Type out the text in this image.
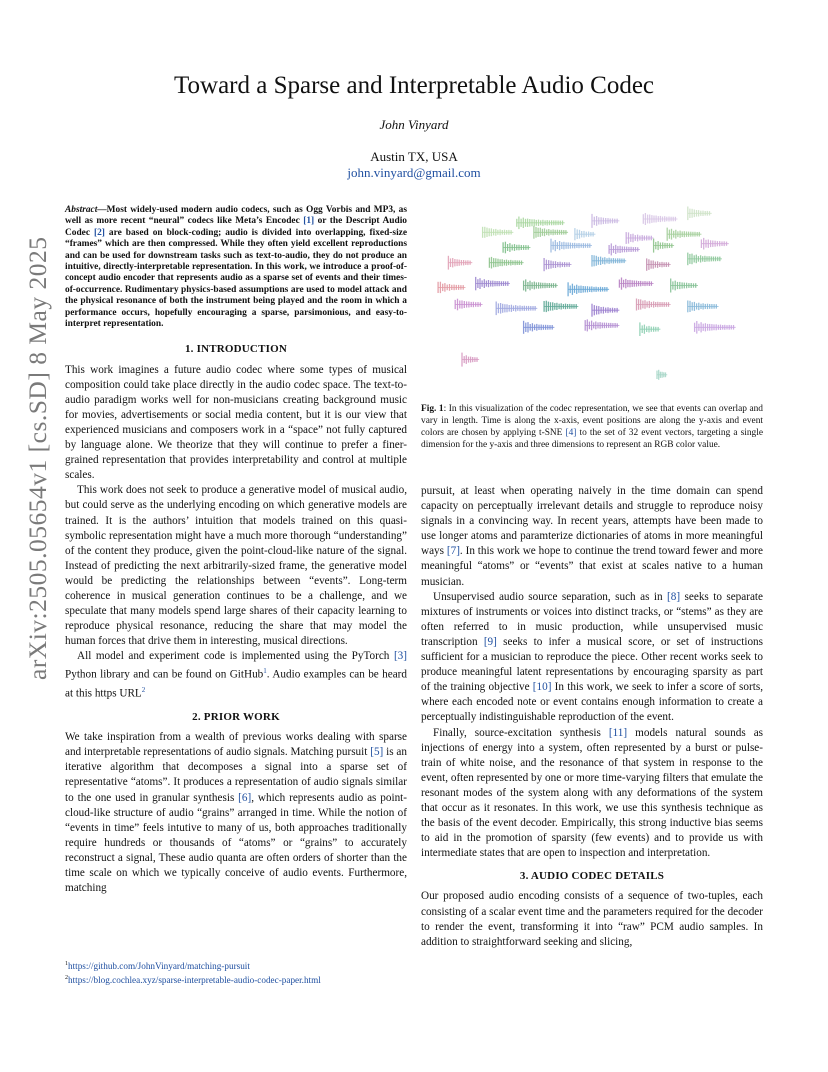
arXiv:2505.05654v1 [cs.SD] 8 May 2025
Toward a Sparse and Interpretable Audio Codec
John Vinyard
Austin TX, USA
john.vinyard@gmail.com

Abstract—Most widely-used modern audio codecs, such as Ogg Vorbis and MP3, as well as more recent “neural” codecs like Meta’s Encodec [1] or the Descript Audio Codec [2] are based on block-coding; audio is divided into overlapping, fixed-size “frames” which are then compressed. While they often yield excellent reproductions and can be used for downstream tasks such as text-to-audio, they do not produce an intuitive, directly-interpretable representation. In this work, we introduce a proof-of-concept audio encoder that represents audio as a sparse set of events and their times-of-occurrence. Rudimentary physics-based assumptions are used to model attack and the physical resonance of both the instrument being played and the room in which a performance occurs, hopefully encouraging a sparse, parsimonious, and easy-to-interpret representation.

1. INTRODUCTION

This work imagines a future audio codec where some types of musical composition could take place directly in the audio codec space. The text-to-audio paradigm works well for non-musicians creating background music for movies, advertisements or social media content, but it is our view that experienced musicians and composers work in a “space” not fully captured by language alone. We theorize that they will continue to prefer a finer-grained representation that provides interpretability and control at multiple scales.

This work does not seek to produce a generative model of musical audio, but could serve as the underlying encoding on which generative models are trained. It is the authors’ intuition that models trained on this quasi-symbolic representation might have a much more thorough “understanding” of the content they produce, given the point-cloud-like nature of the signal. Instead of predicting the next arbitrarily-sized frame, the generative model would be predicting the relationships between “events”. Long-term coherence in musical generation continues to be a challenge, and we speculate that many models spend large shares of their capacity learning to reproduce physical resonance, reducing the share that may model the human forces that drive them in interesting, musical directions.

All model and experiment code is implemented using the PyTorch [3] Python library and can be found on GitHub$^1$. Audio examples can be heard at this https URL$^2$

2. PRIOR WORK

We take inspiration from a wealth of previous works dealing with sparse and interpretable representations of audio signals. Matching pursuit [5] is an iterative algorithm that decomposes a signal into a sparse set of representative “atoms”. It produces a representation of audio signals similar to the one used in granular synthesis [6], which represents audio as point-cloud-like structure of audio “grains” arranged in time. While the notion of “events in time” feels intutive to many of us, both approaches traditionally require hundreds or thousands of “atoms” or “grains” to accurately reconstruct a signal, These audio quanta are often orders of shorter than the time scale on which we typically conceive of audio events. Furthermore, matching

$^1$https://github.com/JohnVinyard/matching-pursuit
$^2$https://blog.cochlea.xyz/sparse-interpretable-audio-codec-paper.html
Fig. 1: In this visualization of the codec representation, we see that events can overlap and vary in length. Time is along the x-axis, event positions are along the y-axis and event colors are chosen by applying t-SNE [4] to the set of 32 event vectors, targeting a single dimension for the y-axis and three dimensions to represent an RGB color value.

pursuit, at least when operating naively in the time domain can spend capacity on perceptually irrelevant details and struggle to reproduce noisy signals in a convincing way. In recent years, attempts have been made to use longer atoms and paramterize dictionaries of atoms in more meaningful ways [7]. In this work we hope to continue the trend toward fewer and more meaningful “atoms” or “events” that exist at scales native to a human musician.

Unsupervised audio source separation, such as in [8] seeks to separate mixtures of instruments or voices into distinct tracks, or “stems” as they are often referred to in music production, while unsupervised music transcription [9] seeks to infer a musical score, or set of instructions sufficient for a musician to reproduce the piece. Other recent works seek to produce meaningful latent representations by encouraging sparsity as part of the training objective [10] In this work, we seek to infer a score of sorts, where each encoded note or event contains enough information to create a perceptually indistinguishable reproduction of the event.

Finally, source-excitation synthesis [11] models natural sounds as injections of energy into a system, often represented by a burst or pulse-train of white noise, and the resonance of that system in response to the event, often represented by one or more time-varying filters that emulate the resonant modes of the system along with any deformations of the system that occur as it resonates. In this work, we use this synthesis technique as the basis of the event decoder. Empirically, this strong inductive bias seems to aid in the promotion of sparsity (few events) and to provide us with intermediate states that are open to inspection and interpretation.

3. AUDIO CODEC DETAILS

Our proposed audio encoding consists of a sequence of two-tuples, each consisting of a scalar event time and the parameters required for the decoder to render the event, transforming it into “raw” PCM audio samples. In addition to straightforward seeking and slicing,
